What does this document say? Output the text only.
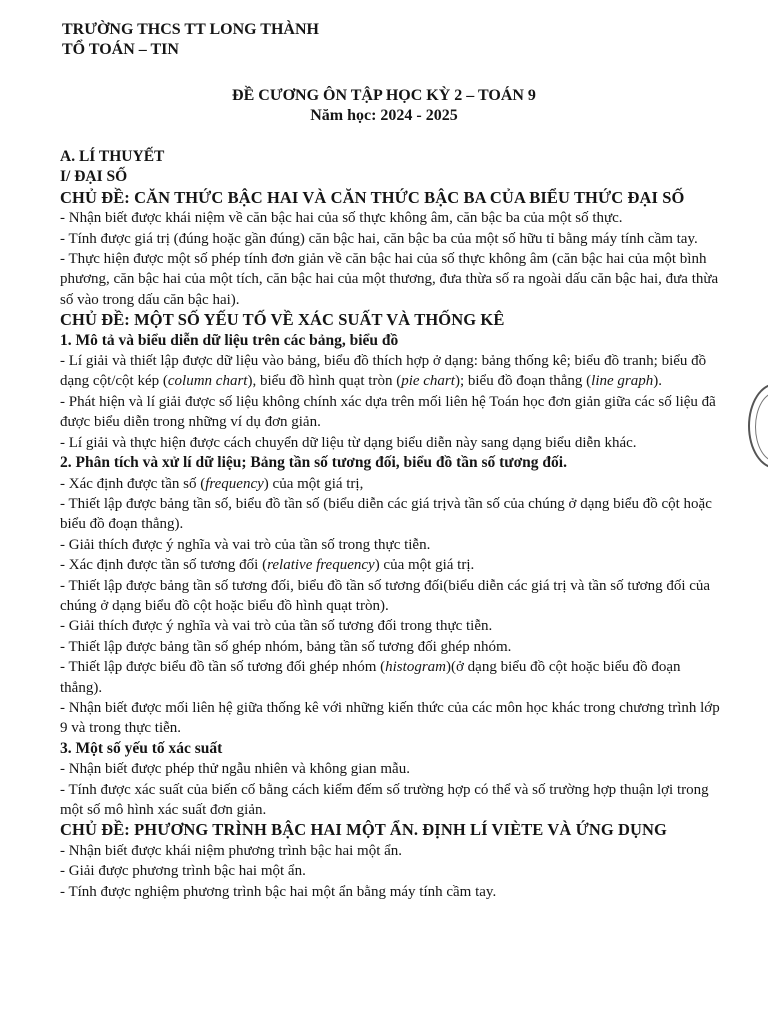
TRƯỜNG THCS TT LONG THÀNH
TỔ TOÁN – TIN
ĐỀ CƯƠNG ÔN TẬP HỌC KỲ 2 – TOÁN 9
Năm học: 2024 - 2025

A. LÍ THUYẾT

I/ ĐẠI SỐ

CHỦ ĐỀ: CĂN THỨC BẬC HAI VÀ CĂN THỨC BẬC BA CỦA BIỂU THỨC ĐẠI SỐ

- Nhận biết được khái niệm về căn bậc hai của số thực không âm, căn bậc ba của một số thực.

- Tính được giá trị (đúng hoặc gần đúng) căn bậc hai, căn bậc ba của một số hữu tỉ bằng máy tính cầm tay.

- Thực hiện được một số phép tính đơn giản về căn bậc hai của số thực không âm (căn bậc hai của một bình phương, căn bậc hai của một tích, căn bậc hai của một thương, đưa thừa số ra ngoài dấu căn bậc hai, đưa thừa số vào trong dấu căn bậc hai).

CHỦ ĐỀ: MỘT SỐ YẾU TỐ VỀ XÁC SUẤT VÀ THỐNG KÊ

1. Mô tả và biểu diễn dữ liệu trên các bảng, biểu đồ

- Lí giải và thiết lập được dữ liệu vào bảng, biểu đồ thích hợp ở dạng: bảng thống kê; biểu đồ tranh; biểu đồ dạng cột/cột kép (column chart), biểu đồ hình quạt tròn (pie chart); biểu đồ đoạn thẳng (line graph).

- Phát hiện và lí giải được số liệu không chính xác dựa trên mối liên hệ Toán học đơn giản giữa các số liệu đã được biểu diễn trong những ví dụ đơn giản.

- Lí giải và thực hiện được cách chuyển dữ liệu từ dạng biểu diễn này sang dạng biểu diễn khác.

2. Phân tích và xử lí dữ liệu; Bảng tần số tương đối, biểu đồ tần số tương đối.

- Xác định được tần số (frequency) của một giá trị,

- Thiết lập được bảng tần số, biểu đồ tần số (biểu diễn các giá trịvà tần số của chúng ở dạng biểu đồ cột hoặc biểu đồ đoạn thẳng).

- Giải thích được ý nghĩa và vai trò của tần số trong thực tiễn.

- Xác định được tần số tương đối (relative frequency) của một giá trị.

- Thiết lập được bảng tần số tương đối, biểu đồ tần số tương đối(biểu diễn các giá trị và tần số tương đối của chúng ở dạng biểu đồ cột hoặc biểu đồ hình quạt tròn).

- Giải thích được ý nghĩa và vai trò của tần số tương đối trong thực tiễn.

- Thiết lập được bảng tần số ghép nhóm, bảng tần số tương đối ghép nhóm.

- Thiết lập được biểu đồ tần số tương đối ghép nhóm (histogram)(ở dạng biểu đồ cột hoặc biểu đồ đoạn thẳng).

- Nhận biết được mối liên hệ giữa thống kê với những kiến thức của các môn học khác trong chương trình lớp 9 và trong thực tiễn.

3. Một số yếu tố xác suất

- Nhận biết được phép thử ngẫu nhiên và không gian mẫu.

- Tính được xác suất của biến cố bằng cách kiểm đếm số trường hợp có thể và số trường hợp thuận lợi trong một số mô hình xác suất đơn giản.

CHỦ ĐỀ: PHƯƠNG TRÌNH BẬC HAI MỘT ẨN. ĐỊNH LÍ VIÈTE VÀ ỨNG DỤNG

- Nhận biết được khái niệm phương trình bậc hai một ẩn.

- Giải được phương trình bậc hai một ẩn.

- Tính được nghiệm phương trình bậc hai một ẩn bằng máy tính cầm tay.
